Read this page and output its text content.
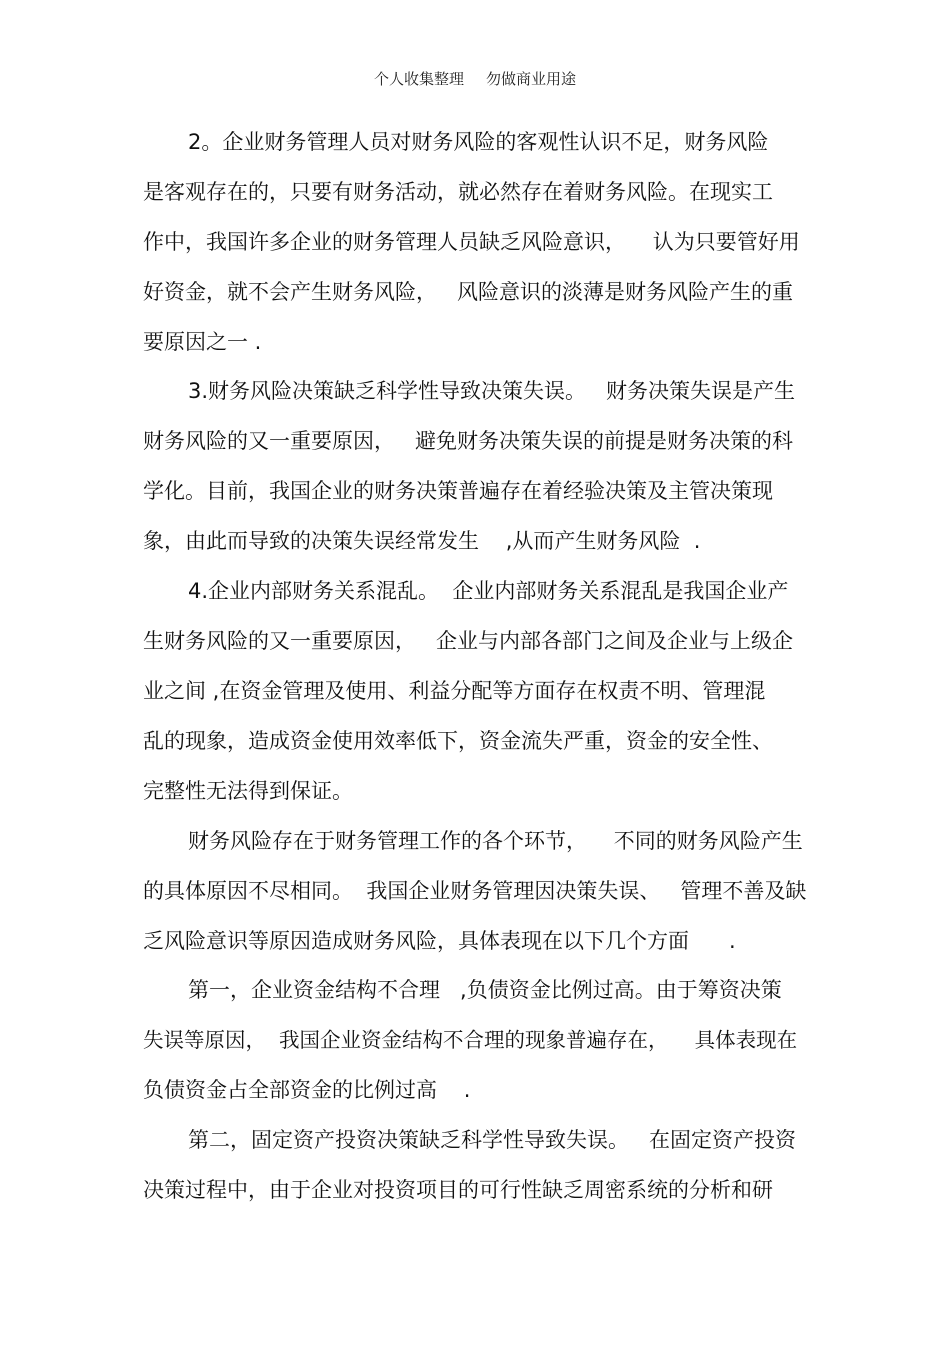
个人收集整理 勿做商业用途
2。企业财务管理人员对财务风险的客观性认识不足，财务风险
是客观存在的，只要有财务活动，就必然存在着财务风险。在现实工
作中，我国许多企业的财务管理人员缺乏风险意识，    认为只要管好用
好资金，就不会产生财务风险，   风险意识的淡薄是财务风险产生的重
要原因之一 .
3.财务风险决策缺乏科学性导致决策失误。   财务决策失误是产生
财务风险的又一重要原因，   避免财务决策失误的前提是财务决策的科
学化。目前，我国企业的财务决策普遍存在着经验决策及主管决策现
象，由此而导致的决策失误经常发生    ,从而产生财务风险  .
4.企业内部财务关系混乱。  企业内部财务关系混乱是我国企业产
生财务风险的又一重要原因，   企业与内部各部门之间及企业与上级企
业之间 ,在资金管理及使用、利益分配等方面存在权责不明、管理混
乱的现象，造成资金使用效率低下，资金流失严重，资金的安全性、
完整性无法得到保证。
财务风险存在于财务管理工作的各个环节，    不同的财务风险产生
的具体原因不尽相同。  我国企业财务管理因决策失误、   管理不善及缺
乏风险意识等原因造成财务风险，具体表现在以下几个方面      .
第一，企业资金结构不合理   ,负债资金比例过高。由于筹资决策
失误等原因，  我国企业资金结构不合理的现象普遍存在，    具体表现在
负债资金占全部资金的比例过高    .
第二，固定资产投资决策缺乏科学性导致失误。   在固定资产投资
决策过程中，由于企业对投资项目的可行性缺乏周密系统的分析和研
